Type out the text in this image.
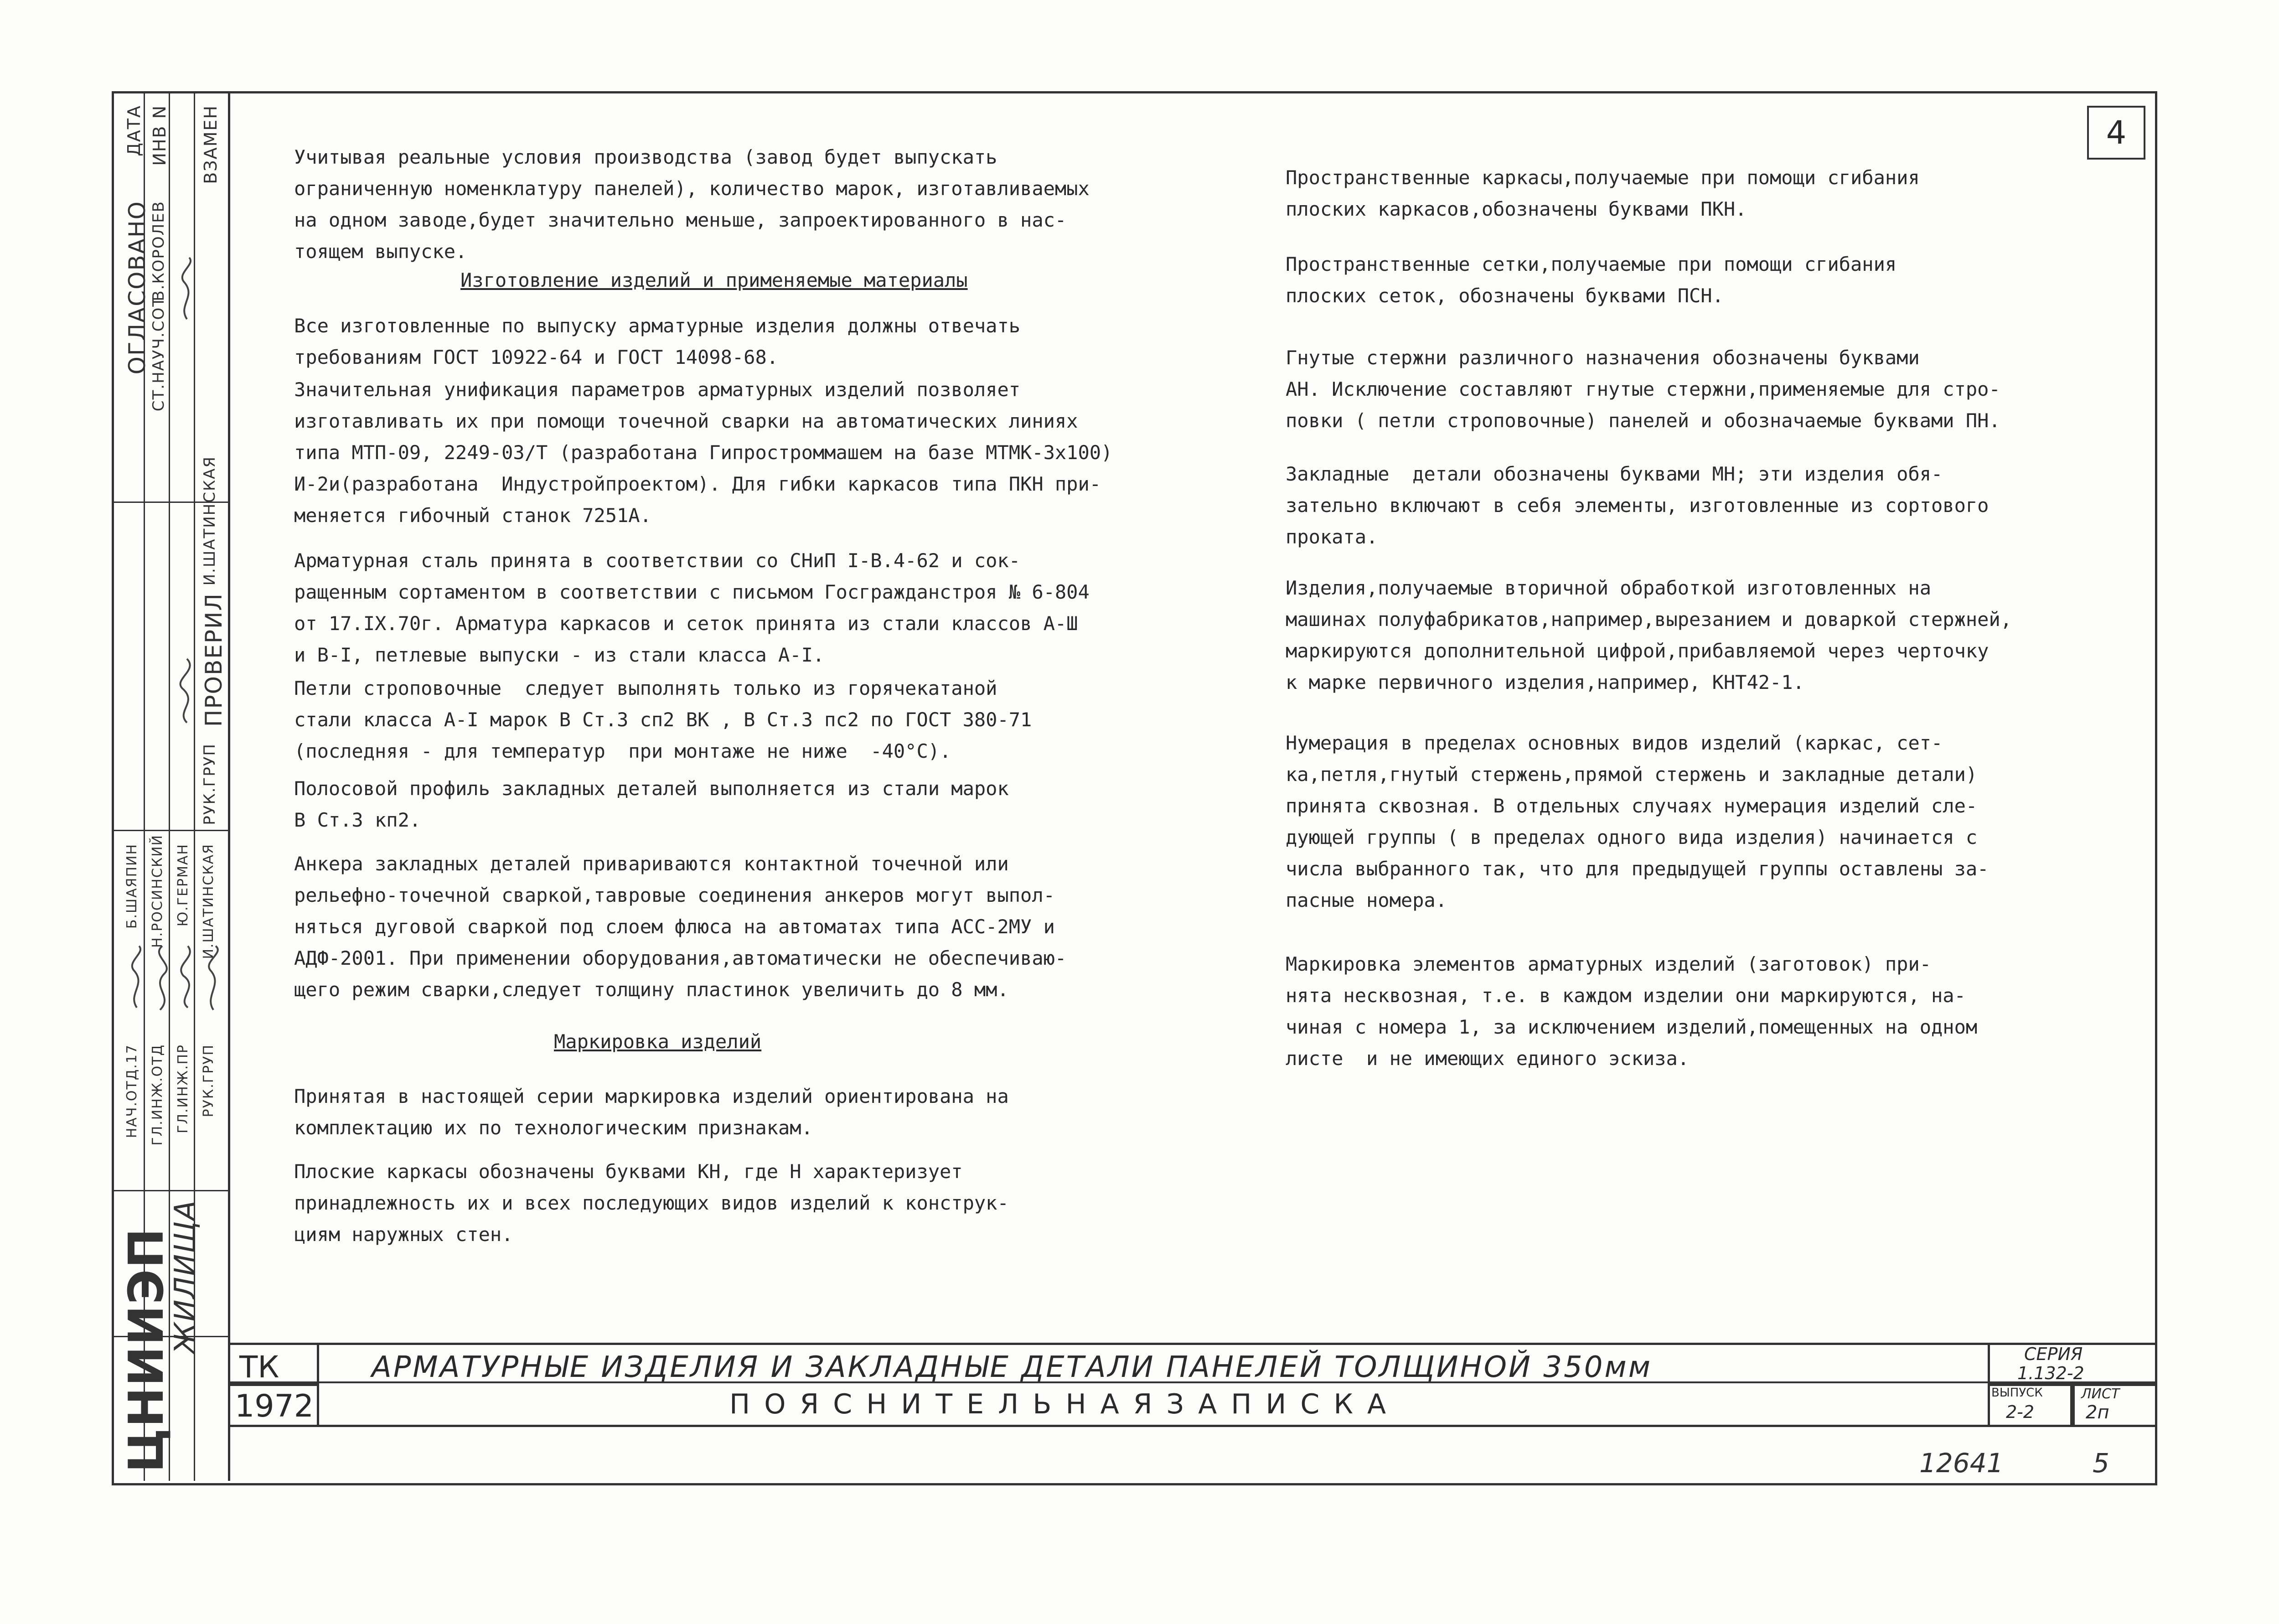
ОГЛАСОВАНО
ДАТА ИНВ N ВЗАМЕН
СТ.НАУЧ.СОТ
В.КОРОЛЕВ
ПРОВЕРИЛ
РУК.ГРУП
И.ШАТИНСКАЯ
НАЧ.ОТД.17
Б.ШАЯПИН
ГЛ.ИНЖ.ОТД
Н.РОСИНСКИЙ
ГЛ.ИНЖ.ПР
Ю.ГЕРМАН
РУК.ГРУП
И.ШАТИНСКАЯ
ЦНИИЭП
ЖИЛИЩА
4
Учитывая реальные условия производства (завод будет выпускать
ограниченную номенклатуру панелей), количество марок, изготавливаемых
на одном заводе,будет значительно меньше, запроектированного в нас-
тоящем выпуске.
Изготовление изделий и применяемые материалы
Все изготовленные по выпуску арматурные изделия должны отвечать
требованиям ГОСТ 10922-64 и ГОСТ 14098-68.
Значительная унификация параметров арматурных изделий позволяет
изготавливать их при помощи точечной сварки на автоматических линиях
типа МТП-09, 2249-03/Т (разработана Гипростроммашем на базе МТМК-3х100)
И-2и(разработана  Индустройпроектом). Для гибки каркасов типа ПКН при-
меняется гибочный станок 7251А.
Арматурная сталь принята в соответствии со СНиП I-В.4-62 и сок-
ращенным сортаментом в соответствии с письмом Госгражданстроя № 6-804
от 17.IX.70г. Арматура каркасов и сеток принята из стали классов А-Ш
и В-I, петлевые выпуски - из стали класса А-I.
Петли строповочные  следует выполнять только из горячекатаной
стали класса А-I марок В Ст.3 сп2 ВК , В Ст.3 пс2 по ГОСТ 380-71
(последняя - для температур  при монтаже не ниже  -40°С).
Полосовой профиль закладных деталей выполняется из стали марок
В Ст.3 кп2.
Анкера закладных деталей привариваются контактной точечной или
рельефно-точечной сваркой,тавровые соединения анкеров могут выпол-
няться дуговой сваркой под слоем флюса на автоматах типа АСС-2МУ и
АДФ-2001. При применении оборудования,автоматически не обеспечиваю-
щего режим сварки,следует толщину пластинок увеличить до 8 мм.
Маркировка изделий
Принятая в настоящей серии маркировка изделий ориентирована на
комплектацию их по технологическим признакам.
Плоские каркасы обозначены буквами КН, где Н характеризует
принадлежность их и всех последующих видов изделий к конструк-
циям наружных стен.
Пространственные каркасы,получаемые при помощи сгибания
плоских каркасов,обозначены буквами ПКН.
Пространственные сетки,получаемые при помощи сгибания
плоских сеток, обозначены буквами ПСН.
Гнутые стержни различного назначения обозначены буквами
АН. Исключение составляют гнутые стержни,применяемые для стро-
повки ( петли строповочные) панелей и обозначаемые буквами ПН.
Закладные  детали обозначены буквами МН; эти изделия обя-
зательно включают в себя элементы, изготовленные из сортового
проката.
Изделия,получаемые вторичной обработкой изготовленных на
машинах полуфабрикатов,например,вырезанием и доваркой стержней,
маркируются дополнительной цифрой,прибавляемой через черточку
к марке первичного изделия,например, КНТ42-1.
Нумерация в пределах основных видов изделий (каркас, сет-
ка,петля,гнутый стержень,прямой стержень и закладные детали)
принята сквозная. В отдельных случаях нумерация изделий сле-
дующей группы ( в пределах одного вида изделия) начинается с
числа выбранного так, что для предыдущей группы оставлены за-
пасные номера.
Маркировка элементов арматурных изделий (заготовок) при-
нята несквозная, т.е. в каждом изделии они маркируются, на-
чиная с номера 1, за исключением изделий,помещенных на одном
листе  и не имеющих единого эскиза.
ТК
1972
АРМАТУРНЫЕ ИЗДЕЛИЯ И ЗАКЛАДНЫЕ ДЕТАЛИ ПАНЕЛЕЙ ТОЛЩИНОЙ 350мм
П О Я С Н И Т Е Л Ь Н А Я З А П И С К А
СЕРИЯ
1.132-2
ВЫПУСК
2-2
ЛИСТ
2п
12641	5
